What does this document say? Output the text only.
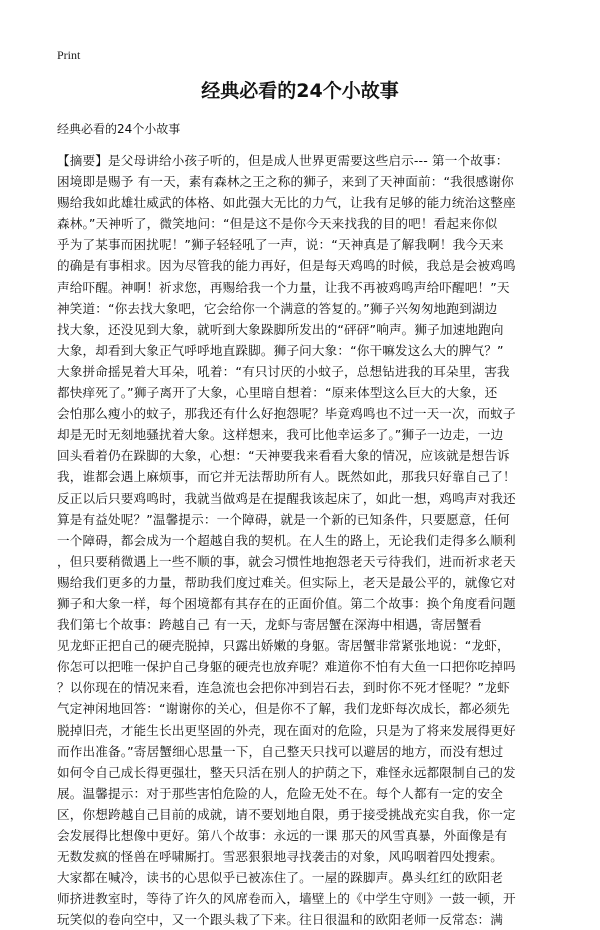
Print
经典必看的24个小故事
经典必看的24个小故事
【摘要】是父母讲给小孩子听的，但是成人世界更需要这些启示--- 第一个故事：
困境即是赐予 有一天，素有森林之王之称的狮子，来到了天神面前：“我很感谢你
赐给我如此雄壮威武的体格、如此强大无比的力气，让我有足够的能力统治这整座
森林。”天神听了，微笑地问：“但是这不是你今天来找我的目的吧！看起来你似
乎为了某事而困扰呢！”狮子轻轻吼了一声，说：“天神真是了解我啊！我今天来
的确是有事相求。因为尽管我的能力再好，但是每天鸡鸣的时候，我总是会被鸡鸣
声给吓醒。神啊！祈求您，再赐给我一个力量，让我不再被鸡鸣声给吓醒吧！”天
神笑道：“你去找大象吧，它会给你一个满意的答复的。”狮子兴匆匆地跑到湖边
找大象，还没见到大象，就听到大象跺脚所发出的“砰砰”响声。狮子加速地跑向
大象，却看到大象正气呼呼地直跺脚。狮子问大象：“你干嘛发这么大的脾气？”
大象拼命摇晃着大耳朵，吼着：“有只讨厌的小蚊子，总想钻进我的耳朵里，害我
都快痒死了。”狮子离开了大象，心里暗自想着：“原来体型这么巨大的大象，还
会怕那么瘦小的蚊子，那我还有什么好抱怨呢？毕竟鸡鸣也不过一天一次，而蚊子
却是无时无刻地骚扰着大象。这样想来，我可比他幸运多了。”狮子一边走，一边
回头看着仍在跺脚的大象，心想：“天神要我来看看大象的情况，应该就是想告诉
我，谁都会遇上麻烦事，而它并无法帮助所有人。既然如此，那我只好靠自己了！
反正以后只要鸡鸣时，我就当做鸡是在提醒我该起床了，如此一想，鸡鸣声对我还
算是有益处呢？”温馨提示：一个障碍，就是一个新的已知条件，只要愿意，任何
一个障碍，都会成为一个超越自我的契机。在人生的路上，无论我们走得多么顺利
，但只要稍微遇上一些不顺的事，就会习惯性地抱怨老天亏待我们，进而祈求老天
赐给我们更多的力量，帮助我们度过难关。但实际上，老天是最公平的，就像它对
狮子和大象一样，每个困境都有其存在的正面价值。第二个故事：换个角度看问题
我们第七个故事：跨越自己 有一天，龙虾与寄居蟹在深海中相遇，寄居蟹看
见龙虾正把自己的硬壳脱掉，只露出娇嫩的身躯。寄居蟹非常紧张地说：“龙虾，
你怎可以把唯一保护自己身躯的硬壳也放弃呢？难道你不怕有大鱼一口把你吃掉吗
？以你现在的情况来看，连急流也会把你冲到岩石去，到时你不死才怪呢？”龙虾
气定神闲地回答：“谢谢你的关心，但是你不了解，我们龙虾每次成长，都必须先
脱掉旧壳，才能生长出更坚固的外壳，现在面对的危险，只是为了将来发展得更好
而作出准备。”寄居蟹细心思量一下，自己整天只找可以避居的地方，而没有想过
如何令自己成长得更强壮，整天只活在别人的护荫之下，难怪永远都限制自己的发
展。温馨提示：对于那些害怕危险的人，危险无处不在。每个人都有一定的安全
区，你想跨越自己目前的成就，请不要划地自限，勇于接受挑战充实自我，你一定
会发展得比想像中更好。第八个故事：永远的一课 那天的风雪真暴，外面像是有
无数发疯的怪兽在呼啸厮打。雪恶狠狠地寻找袭击的对象，风呜咽着四处搜索。
大家都在喊冷，读书的心思似乎已被冻住了。一屋的跺脚声。鼻头红红的欧阳老
师挤进教室时，等待了许久的风席卷而入，墙壁上的《中学生守则》一鼓一顿，开
玩笑似的卷向空中，又一个跟头栽了下来。往日很温和的欧阳老师一反常态：满
